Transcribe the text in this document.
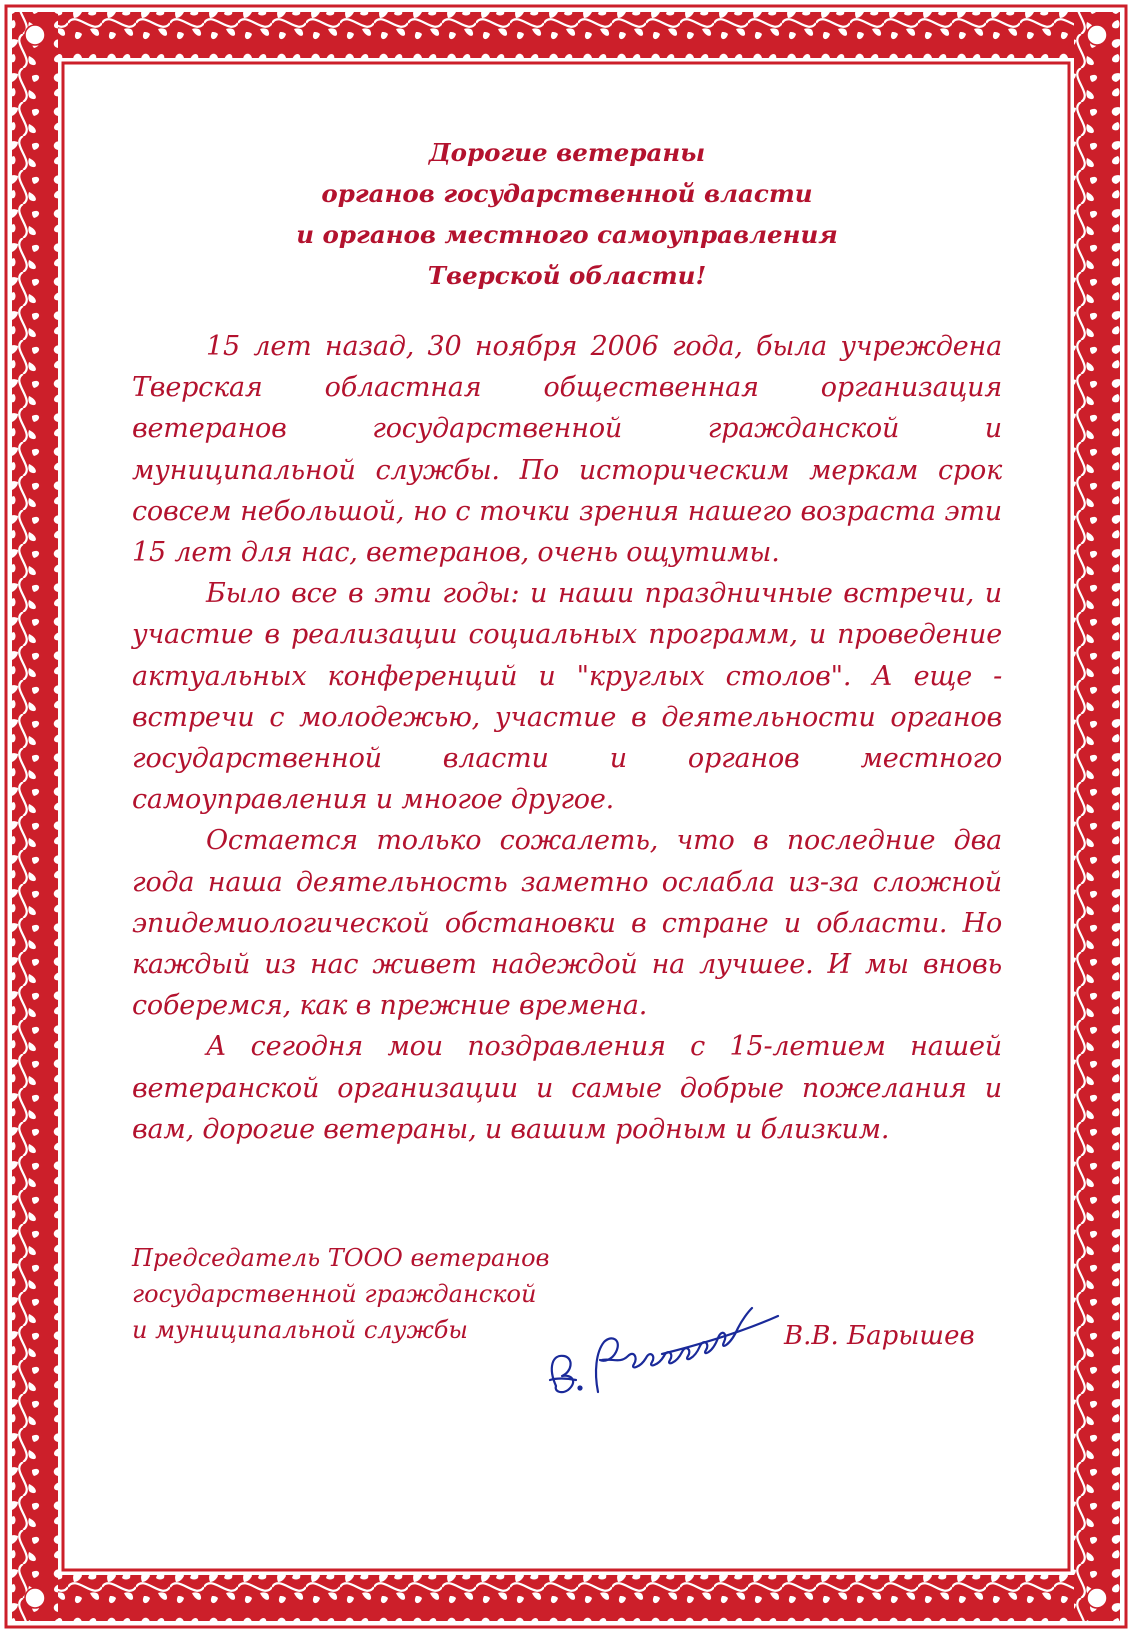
Дорогие ветераны
органов государственной власти
и органов местного самоуправления
Тверской области!

15 лет назад, 30 ноября 2006 года, была учреждена Тверская областная общественная организация ветеранов государственной гражданской и муниципальной службы. По историческим меркам срок совсем небольшой, но с точки зрения нашего возраста эти 15 лет для нас, ветеранов, очень ощутимы.

Было все в эти годы: и наши праздничные встречи, и участие в реализации социальных программ, и проведение актуальных конференций и "круглых столов". А еще - встречи с молодежью, участие в деятельности органов государственной власти и органов местного самоуправления и многое другое.

Остается только сожалеть, что в последние два года наша деятельность заметно ослабла из-за сложной эпидемиологической обстановки в стране и области. Но каждый из нас живет надеждой на лучшее. И мы вновь соберемся, как в прежние времена.

А сегодня мои поздравления с 15-летием нашей ветеранской организации и самые добрые пожелания и вам, дорогие ветераны, и вашим родным и близким.

Председатель ТООО ветеранов
государственной гражданской
и муниципальной службы	В.В. Барышев
